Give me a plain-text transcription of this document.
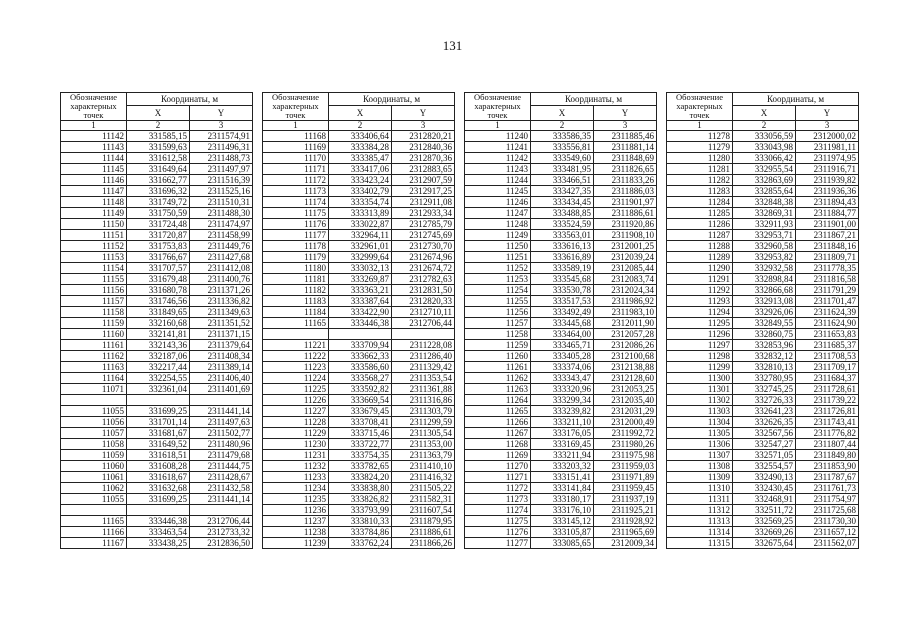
131
Обозначение характерных точек	Координаты, м	
	X	Y
1	2	3
11142	331585,15	2311574,91
11143	331599,63	2311496,31
11144	331612,58	2311488,73
11145	331649,64	2311497,97
11146	331662,77	2311516,39
11147	331696,32	2311525,16
11148	331749,72	2311510,31
11149	331750,59	2311488,30
11150	331724,48	2311474,97
11151	331720,87	2311458,99
11152	331753,83	2311449,76
11153	331766,67	2311427,68
11154	331707,57	2311412,08
11155	331679,48	2311400,76
11156	331680,78	2311371,26
11157	331746,56	2311336,82
11158	331849,65	2311349,63
11159	332160,68	2311351,52
11160	332141,81	2311371,15
11161	332143,36	2311379,64
11162	332187,06	2311408,34
11163	332217,44	2311389,14
11164	332254,55	2311406,40
11071	332361,04	2311401,69

11055	331699,25	2311441,14
11056	331701,14	2311497,63
11057	331681,67	2311502,77
11058	331649,52	2311480,96
11059	331618,51	2311479,68
11060	331608,28	2311444,75
11061	331618,67	2311428,67
11062	331632,68	2311432,58
11055	331699,25	2311441,14

11165	333446,38	2312706,44
11166	333463,54	2312733,32
11167	333438,25	2312836,50
Обозначение характерных точек	Координаты, м	
	X	Y
1	2	3
11168	333406,64	2312820,21
11169	333384,28	2312840,36
11170	333385,47	2312870,36
11171	333417,06	2312883,65
11172	333423,24	2312907,59
11173	333402,79	2312917,25
11174	333354,74	2312911,08
11175	333313,89	2312933,34
11176	333022,87	2312785,79
11177	332964,11	2312745,69
11178	332961,01	2312730,70
11179	332999,64	2312674,96
11180	333032,13	2312674,72
11181	333269,87	2312782,63
11182	333363,21	2312831,50
11183	333387,64	2312820,33
11184	333422,90	2312710,11
11165	333446,38	2312706,44

11221	333709,94	2311228,08
11222	333662,33	2311286,40
11223	333586,60	2311329,42
11224	333568,27	2311353,54
11225	333592,82	2311361,88
11226	333669,54	2311316,86
11227	333679,45	2311303,79
11228	333708,41	2311299,59
11229	333715,46	2311305,54
11230	333722,77	2311353,00
11231	333754,35	2311363,79
11232	333782,65	2311410,10
11233	333824,20	2311416,32
11234	333838,80	2311505,22
11235	333826,82	2311582,31
11236	333793,99	2311607,54
11237	333810,33	2311879,95
11238	333784,86	2311886,61
11239	333762,24	2311866,26
Обозначение характерных точек	Координаты, м	
	X	Y
1	2	3
11240	333586,35	2311885,46
11241	333556,81	2311881,14
11242	333549,60	2311848,69
11243	333481,95	2311826,65
11244	333466,51	2311833,26
11245	333427,35	2311886,03
11246	333434,45	2311901,97
11247	333488,85	2311886,61
11248	333524,59	2311920,86
11249	333563,01	2311908,10
11250	333616,13	2312001,25
11251	333616,89	2312039,24
11252	333589,19	2312085,44
11253	333545,68	2312083,74
11254	333530,78	2312024,34
11255	333517,53	2311986,92
11256	333492,49	2311983,10
11257	333445,68	2312011,90
11258	333464,00	2312057,28
11259	333465,71	2312086,26
11260	333405,28	2312100,68
11261	333374,06	2312138,88
11262	333343,47	2312128,60
11263	333320,96	2312053,25
11264	333299,34	2312035,40
11265	333239,82	2312031,29
11266	333211,10	2312000,49
11267	333176,05	2311992,72
11268	333169,45	2311980,26
11269	333211,94	2311975,98
11270	333203,32	2311959,03
11271	333151,41	2311971,89
11272	333141,84	2311959,45
11273	333180,17	2311937,19
11274	333176,10	2311925,21
11275	333145,12	2311928,92
11276	333105,87	2311965,69
11277	333085,65	2312009,34
Обозначение характерных точек	Координаты, м	
	X	Y
1	2	3
11278	333056,59	2312000,02
11279	333043,98	2311981,11
11280	333066,42	2311974,95
11281	332955,54	2311916,71
11282	332863,69	2311939,82
11283	332855,64	2311936,36
11284	332848,38	2311894,43
11285	332869,31	2311884,77
11286	332911,93	2311901,00
11287	332953,71	2311867,21
11288	332960,58	2311848,16
11289	332953,82	2311809,71
11290	332932,58	2311778,35
11291	332898,84	2311816,58
11292	332866,68	2311791,29
11293	332913,08	2311701,47
11294	332926,06	2311624,39
11295	332849,55	2311624,90
11296	332860,75	2311653,83
11297	332853,96	2311685,37
11298	332832,12	2311708,53
11299	332810,13	2311709,17
11300	332780,95	2311684,37
11301	332745,25	2311728,61
11302	332726,33	2311739,22
11303	332641,23	2311726,81
11304	332626,35	2311743,41
11305	332567,56	2311776,82
11306	332547,27	2311807,44
11307	332571,05	2311849,80
11308	332554,57	2311853,90
11309	332490,13	2311787,67
11310	332430,45	2311761,73
11311	332468,91	2311754,97
11312	332511,72	2311725,68
11313	332569,25	2311730,30
11314	332669,26	2311657,12
11315	332675,64	2311562,07
